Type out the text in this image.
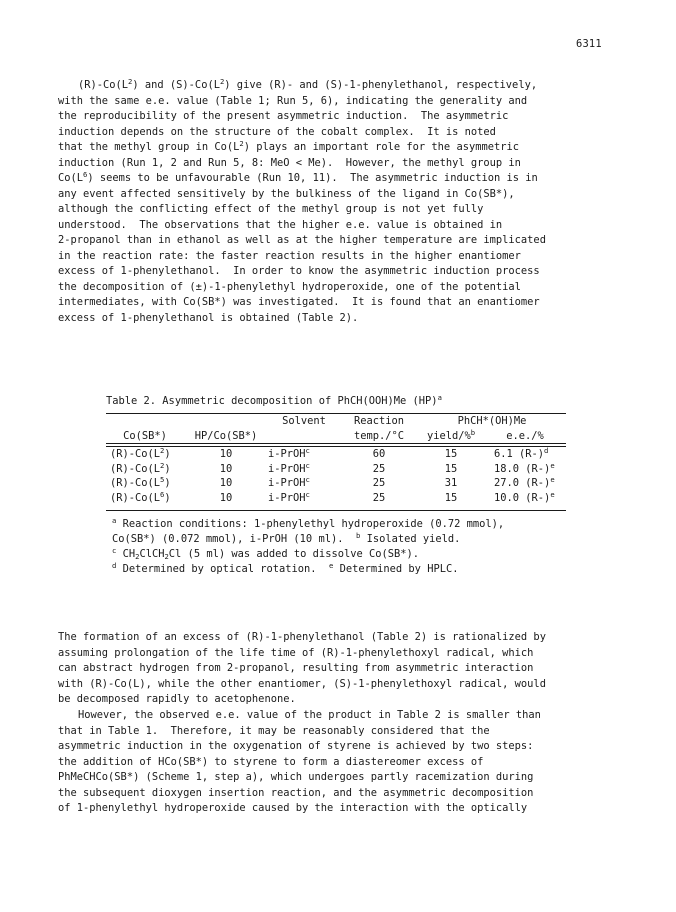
6311
$(R)-Co(L^2)$ and $(S)-Co(L^2)$ give (R)- and (S)-1-phenylethanol, respectively,
with the same e.e. value (Table 1; Run 5, 6), indicating the generality and
the reproducibility of the present asymmetric induction.  The asymmetric
induction depends on the structure of the cobalt complex.  It is noted
that the methyl group in $Co(L^2)$ plays an important role for the asymmetric
induction (Run 1, 2 and Run 5, 8: MeO < Me).  However, the methyl group in
$Co(L^6)$ seems to be unfavourable (Run 10, 11).  The asymmetric induction is in
any event affected sensitively by the bulkiness of the ligand in Co(SB*),
although the conflicting effect of the methyl group is not yet fully
understood.  The observations that the higher e.e. value is obtained in
2-propanol than in ethanol as well as at the higher temperature are implicated
in the reaction rate: the faster reaction results in the higher enantiomer
excess of 1-phenylethanol.  In order to know the asymmetric induction process
the decomposition of (±)-1-phenylethyl hydroperoxide, one of the potential
intermediates, with Co(SB*) was investigated.  It is found that an enantiomer
excess of 1-phenylethanol is obtained (Table 2).
Table 2. Asymmetric decomposition of PhCH(OOH)Me (HP)$^a$
		Solvent	Reaction	PhCH*(OH)Me	
Co(SB*)	HP/Co(SB*)		temp./°C	yield/%$^b$	e.e./%
$(R)-Co(L^2)$	10	i-PrOH$^c$	60	15	6.1 $(R-)^d$
$(R)-Co(L^2)$	10	i-PrOH$^c$	25	15	18.0 $(R-)^e$
$(R)-Co(L^5)$	10	i-PrOH$^c$	25	31	27.0 $(R-)^e$
$(R)-Co(L^6)$	10	i-PrOH$^c$	25	15	10.0 $(R-)^e$
$^a$ Reaction conditions: 1-phenylethyl hydroperoxide (0.72 mmol),
Co(SB*) (0.072 mmol), i-PrOH (10 ml).  $^b$ Isolated yield.
$^c$ $CH_2ClCH_2Cl$ (5 ml) was added to dissolve Co(SB*).
$^d$ Determined by optical rotation.  $^e$ Determined by HPLC.
The formation of an excess of (R)-1-phenylethanol (Table 2) is rationalized by
assuming prolongation of the life time of (R)-1-phenylethoxyl radical, which
can abstract hydrogen from 2-propanol, resulting from asymmetric interaction
with (R)-Co(L), while the other enantiomer, (S)-1-phenylethoxyl radical, would
be decomposed rapidly to acetophenone.
However, the observed e.e. value of the product in Table 2 is smaller than
that in Table 1.  Therefore, it may be reasonably considered that the
asymmetric induction in the oxygenation of styrene is achieved by two steps:
the addition of HCo(SB*) to styrene to form a diastereomer excess of
PhMeCHCo(SB*) (Scheme 1, step a), which undergoes partly racemization during
the subsequent dioxygen insertion reaction, and the asymmetric decomposition
of 1-phenylethyl hydroperoxide caused by the interaction with the optically
